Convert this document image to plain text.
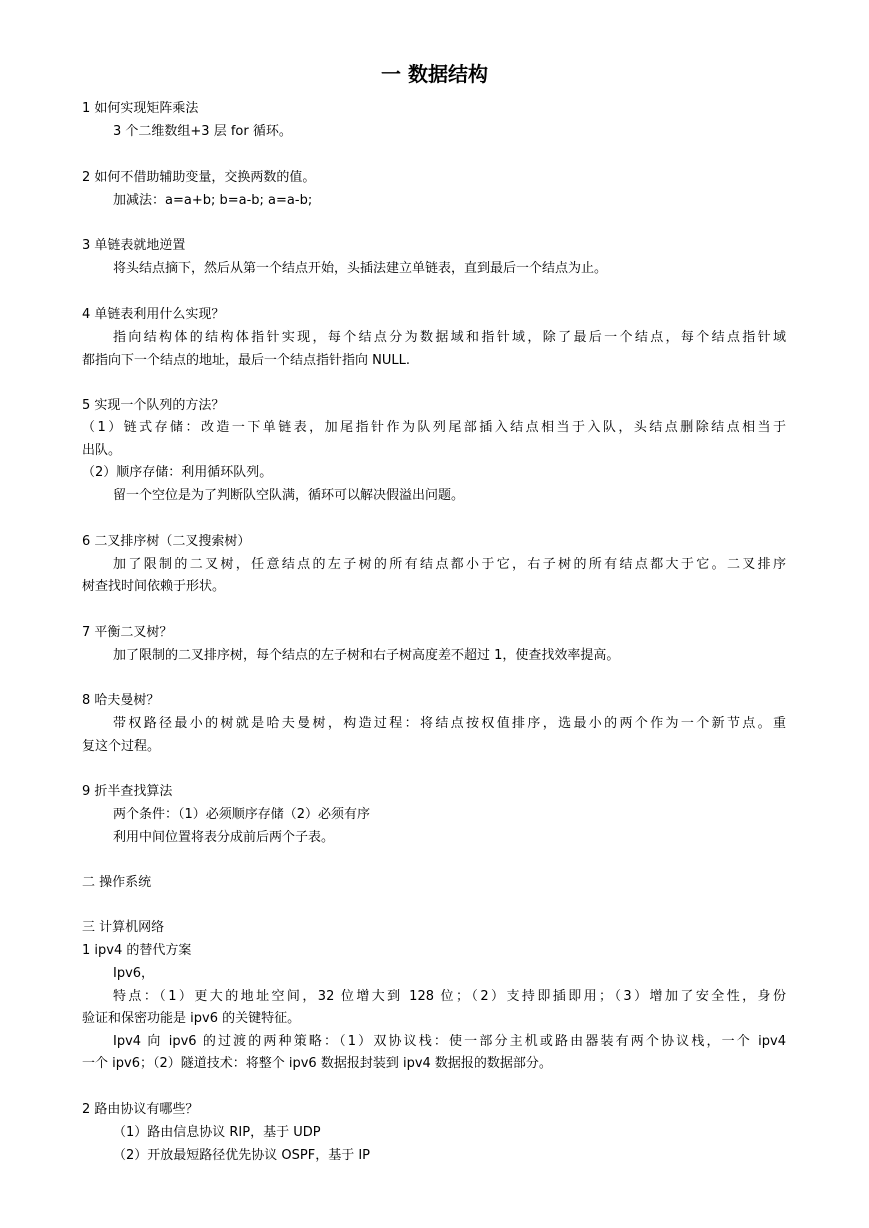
一 数据结构
1 如何实现矩阵乘法
3 个二维数组+3 层 for 循环。
2 如何不借助辅助变量，交换两数的值。
加减法：a=a+b; b=a-b; a=a-b;
3 单链表就地逆置
将头结点摘下，然后从第一个结点开始，头插法建立单链表，直到最后一个结点为止。
4 单链表利用什么实现？
指向结构体的结构体指针实现，每个结点分为数据域和指针域，除了最后一个结点，每个结点指针域
都指向下一个结点的地址，最后一个结点指针指向 NULL.
5 实现一个队列的方法？
（1）链式存储：改造一下单链表，加尾指针作为队列尾部插入结点相当于入队，头结点删除结点相当于
出队。
（2）顺序存储：利用循环队列。
留一个空位是为了判断队空队满，循环可以解决假溢出问题。
6 二叉排序树（二叉搜索树）
加了限制的二叉树，任意结点的左子树的所有结点都小于它，右子树的所有结点都大于它。二叉排序
树查找时间依赖于形状。
7 平衡二叉树？
加了限制的二叉排序树，每个结点的左子树和右子树高度差不超过 1，使查找效率提高。
8 哈夫曼树？
带权路径最小的树就是哈夫曼树，构造过程：将结点按权值排序，选最小的两个作为一个新节点。重
复这个过程。
9 折半查找算法
两个条件：（1）必须顺序存储（2）必须有序
利用中间位置将表分成前后两个子表。
二 操作系统
三 计算机网络
1 ipv4 的替代方案
Ipv6，
特点：（1）更大的地址空间，32 位增大到 128 位；（2）支持即插即用；（3）增加了安全性，身份
验证和保密功能是 ipv6 的关键特征。
Ipv4 向 ipv6 的过渡的两种策略：（1）双协议栈：使一部分主机或路由器装有两个协议栈，一个 ipv4
一个 ipv6；（2）隧道技术：将整个 ipv6 数据报封装到 ipv4 数据报的数据部分。
2 路由协议有哪些？
（1）路由信息协议 RIP，基于 UDP
（2）开放最短路径优先协议 OSPF，基于 IP
